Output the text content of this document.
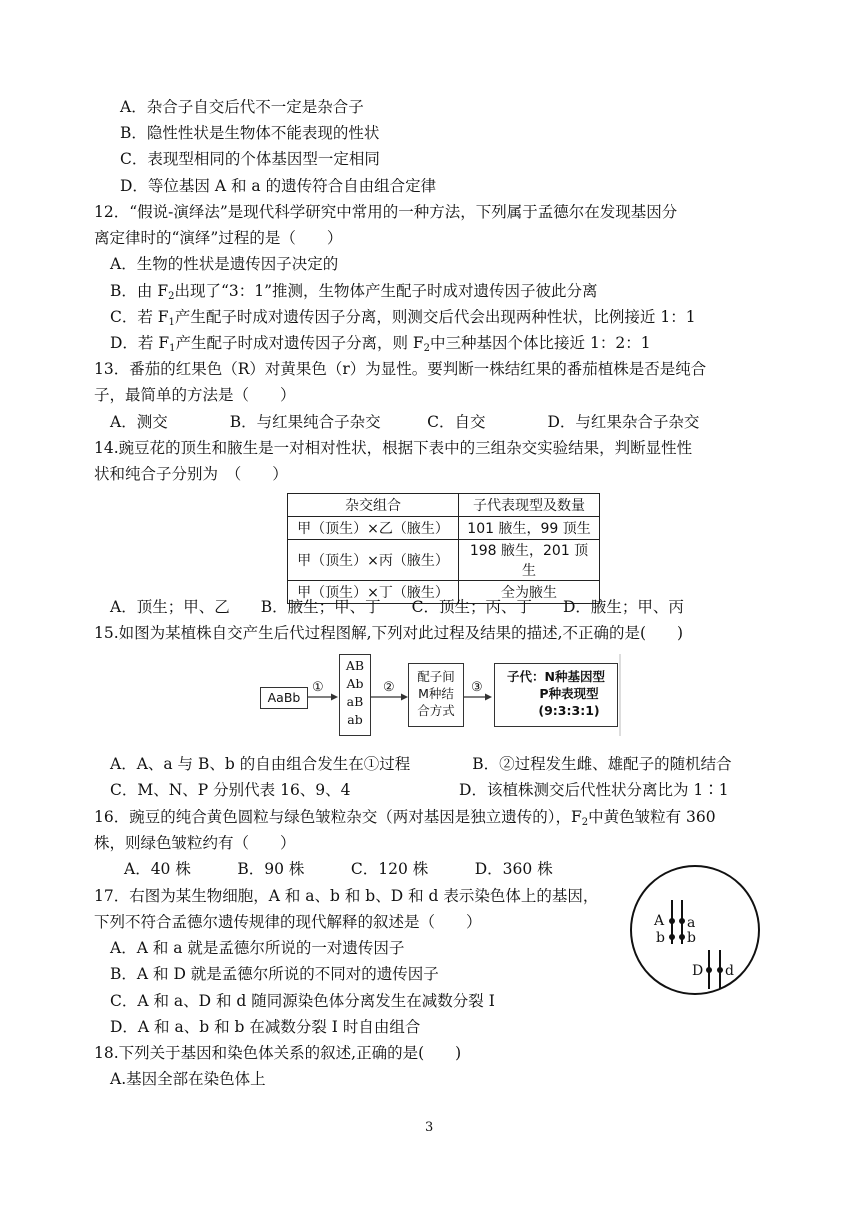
A．杂合子自交后代不一定是杂合子
B．隐性性状是生物体不能表现的性状
C．表现型相同的个体基因型一定相同
D．等位基因 A 和 a 的遗传符合自由组合定律
12．“假说-演绎法”是现代科学研究中常用的一种方法，下列属于孟德尔在发现基因分
离定律时的“演绎”过程的是（　　）
A．生物的性状是遗传因子决定的
B．由 $F_2$出现了“3：1”推测，生物体产生配子时成对遗传因子彼此分离
C．若 $F_1$产生配子时成对遗传因子分离，则测交后代会出现两种性状，比例接近 1：1
D．若 $F_1$产生配子时成对遗传因子分离，则 $F_2$中三种基因个体比接近 1：2：1
13．番茄的红果色（R）对黄果色（r）为显性。要判断一株结红果的番茄植株是否是纯合
子，最简单的方法是（　　）
A．测交　　　　B．与红果纯合子杂交　　　C．自交　　　　D．与红果杂合子杂交
14.豌豆花的顶生和腋生是一对相对性状，根据下表中的三组杂交实验结果，判断显性性
状和纯合子分别为　（　　）
杂交组合	子代表现型及数量
甲（顶生）×乙（腋生）	101 腋生，99 顶生
甲（顶生）×丙（腋生）	198 腋生，201 顶生
甲（顶生）×丁（腋生）	全为腋生
A．顶生；甲、乙　　B．腋生；甲、丁　　C．顶生；丙、丁　　D．腋生；甲、丙
15.如图为某植株自交产生后代过程图解,下列对此过程及结果的描述,不正确的是(　　)
AaBb
①
AB
Ab
aB
ab
②
配子间
M种结
合方式
③
子代：N种基因型
P种表现型
(9:3:3:1)
A．A、a 与 B、b 的自由组合发生在①过程　　　　B．②过程发生雌、雄配子的随机结合
C．M、N、P 分别代表 16、9、4　　　　　　　D．该植株测交后代性状分离比为 1∶1
16．豌豆的纯合黄色圆粒与绿色皱粒杂交（两对基因是独立遗传的），$F_2$中黄色皱粒有 360
株，则绿色皱粒约有（　　）
A．40 株　　　B．90 株　　　C．120 株　　　D．360 株
17．右图为某生物细胞，A 和 a、b 和 b、D 和 d 表示染色体上的基因，
下列不符合孟德尔遗传规律的现代解释的叙述是（　　）
A．A 和 a 就是孟德尔所说的一对遗传因子
B．A 和 D 就是孟德尔所说的不同对的遗传因子
C．A 和 a、D 和 d 随同源染色体分离发生在减数分裂 I
D．A 和 a、b 和 b 在减数分裂 I 时自由组合
A a
b b
D d
18.下列关于基因和染色体关系的叙述,正确的是(　　)
A.基因全部在染色体上
3
